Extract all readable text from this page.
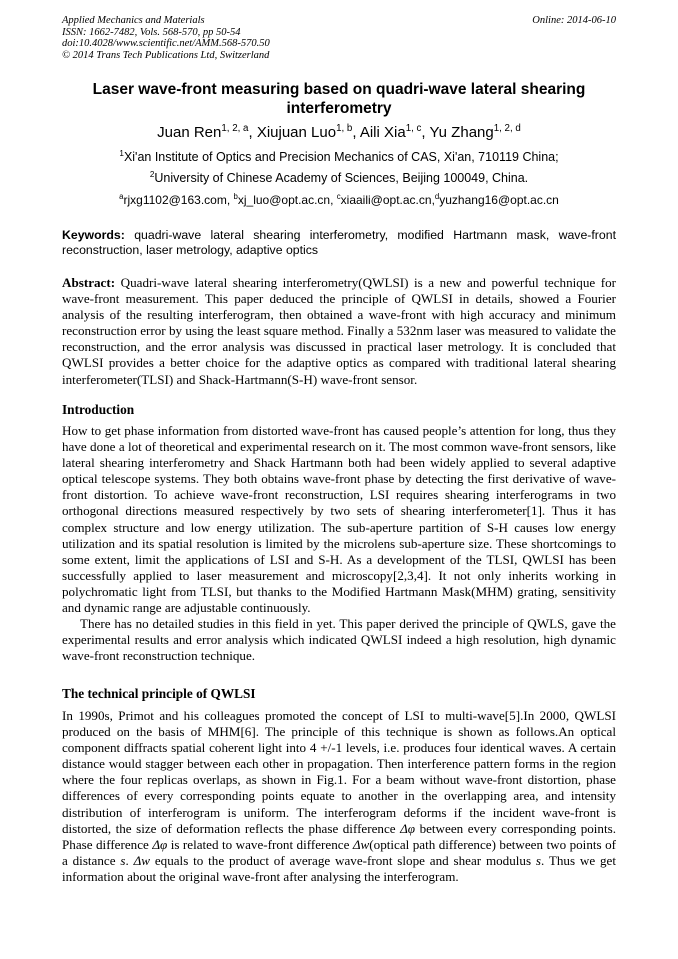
Applied Mechanics and Materials
ISSN: 1662-7482, Vols. 568-570, pp 50-54
doi:10.4028/www.scientific.net/AMM.568-570.50
© 2014 Trans Tech Publications Ltd, Switzerland
Online: 2014-06-10
Laser wave-front measuring based on quadri-wave lateral shearing interferometry
Juan Ren$^{1, 2, a}$, Xiujuan Luo$^{1, b}$, Aili Xia$^{1, c}$, Yu Zhang$^{1, 2, d}$
$^1$Xi'an Institute of Optics and Precision Mechanics of CAS, Xi'an, 710119 China;
$^2$University of Chinese Academy of Sciences, Beijing 100049, China.
$^a$rjxg1102@163.com, $^b$xj_luo@opt.ac.cn, $^c$xiaaili@opt.ac.cn,$^d$yuzhang16@opt.ac.cn
Keywords: quadri-wave lateral shearing interferometry, modified Hartmann mask, wave-front reconstruction, laser metrology, adaptive optics
Abstract: Quadri-wave lateral shearing interferometry(QWLSI) is a new and powerful technique for wave-front measurement. This paper deduced the principle of QWLSI in details, showed a Fourier analysis of the resulting interferogram, then obtained a wave-front with high accuracy and minimum reconstruction error by using the least square method. Finally a 532nm laser was measured to validate the reconstruction, and the error analysis was discussed in practical laser metrology. It is concluded that QWLSI provides a better choice for the adaptive optics as compared with traditional lateral shearing interferometer(TLSI) and Shack-Hartmann(S-H) wave-front sensor.
Introduction
How to get phase information from distorted wave-front has caused people’s attention for long, thus they have done a lot of theoretical and experimental research on it. The most common wave-front sensors, like lateral shearing interferometry and Shack Hartmann both had been widely applied to several adaptive optical telescope systems. They both obtains wave-front phase by detecting the first derivative of wave-front distortion. To achieve wave-front reconstruction, LSI requires shearing interferograms in two orthogonal directions measured respectively by two sets of shearing interferometer[1]. Thus it has complex structure and low energy utilization. The sub-aperture partition of S-H causes low energy utilization and its spatial resolution is limited by the microlens sub-aperture size. These shortcomings to some extent, limit the applications of LSI and S-H. As a development of the TLSI, QWLSI has been successfully applied to laser measurement and microscopy[2,3,4]. It not only inherits working in polychromatic light from TLSI, but thanks to the Modified Hartmann Mask(MHM) grating, sensitivity and dynamic range are adjustable continuously.
There has no detailed studies in this field in yet. This paper derived the principle of QWLS, gave the experimental results and error analysis which indicated QWLSI indeed a high resolution, high dynamic wave-front reconstruction technique.
The technical principle of QWLSI
In 1990s, Primot and his colleagues promoted the concept of LSI to multi-wave[5].In 2000, QWLSI produced on the basis of MHM[6]. The principle of this technique is shown as follows.An optical component diffracts spatial coherent light into 4 +/-1 levels, i.e. produces four identical waves. A certain distance would stagger between each other in propagation. Then interference pattern forms in the region where the four replicas overlaps, as shown in Fig.1. For a beam without wave-front distortion, phase differences of every corresponding points equate to another in the overlapping area, and intensity distribution of interferogram is uniform. The interferogram deforms if the incident wave-front is distorted, the size of deformation reflects the phase difference Δφ between every corresponding points. Phase difference Δφ is related to wave-front difference Δw(optical path difference) between two points of a distance s. Δw equals to the product of average wave-front slope and shear modulus s. Thus we get information about the original wave-front after analysing the interferogram.
